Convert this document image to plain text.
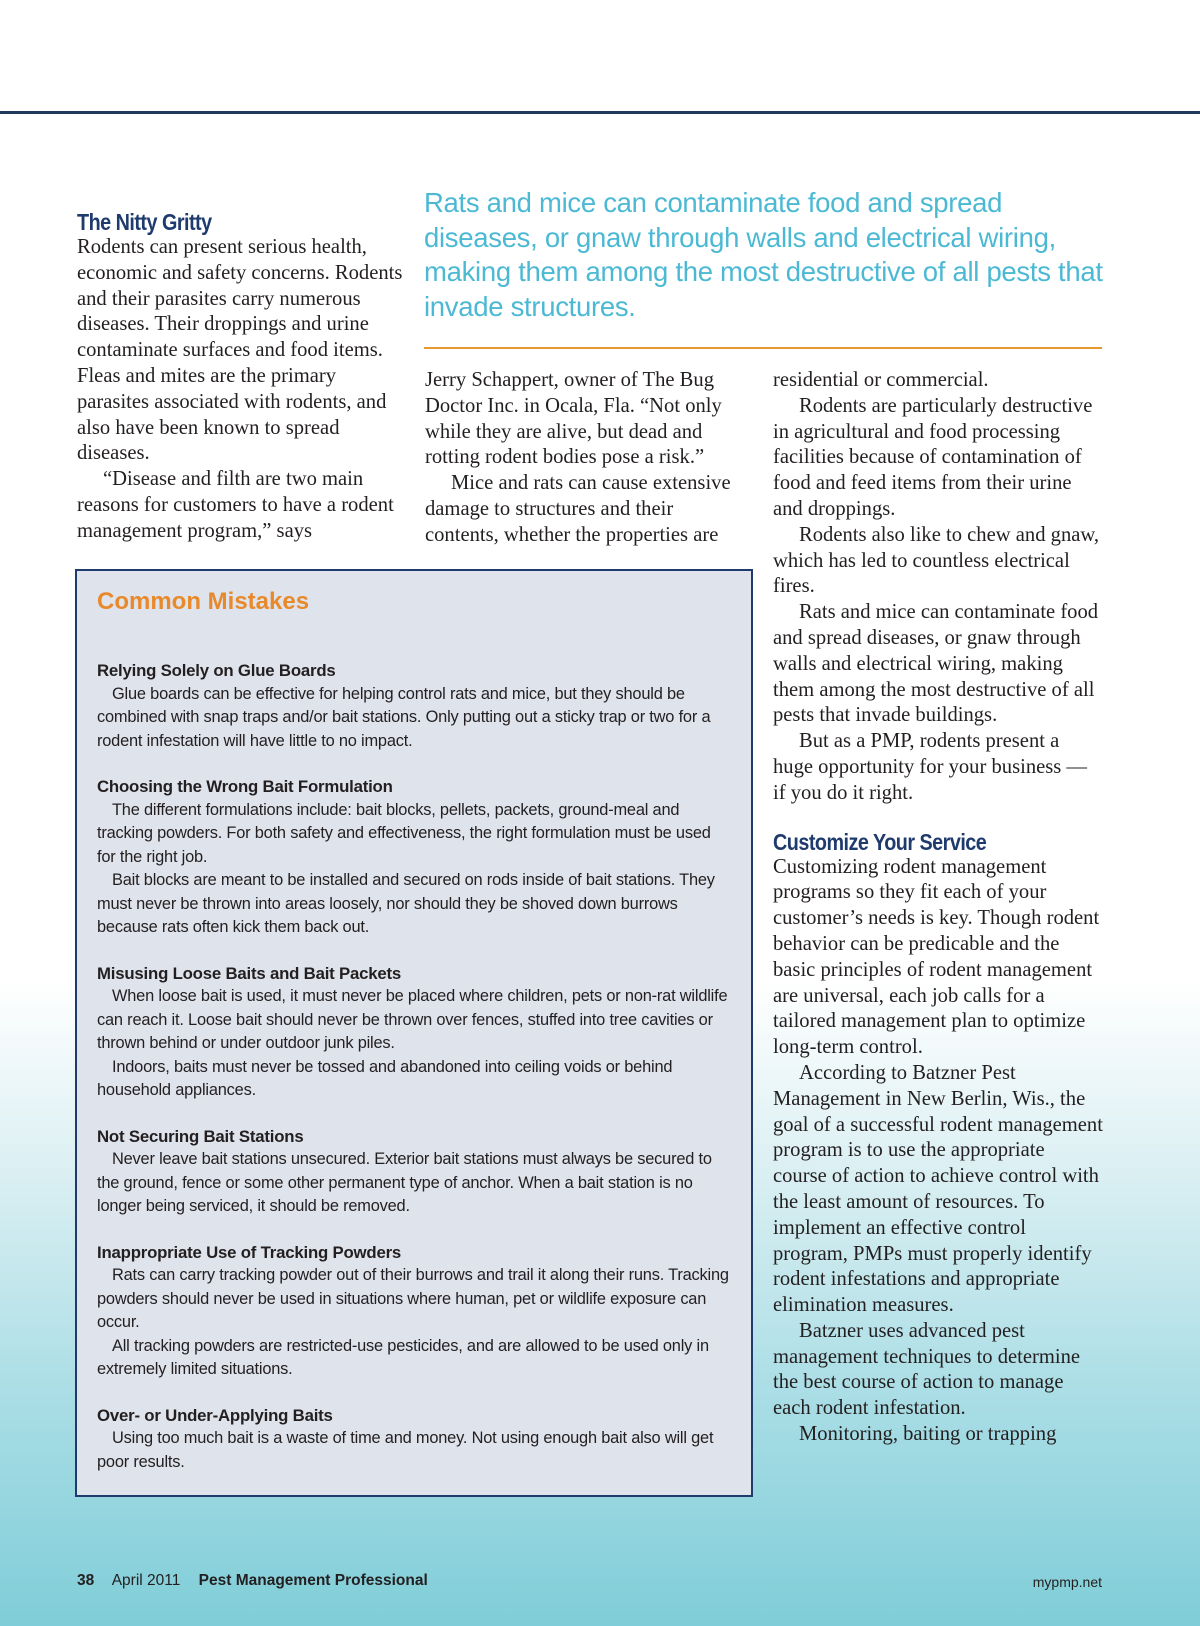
The Nitty Gritty

Rodents can present serious health, economic and safety concerns. Rodents and their parasites carry numerous diseases. Their droppings and urine contaminate surfaces and food items. Fleas and mites are the primary parasites associated with rodents, and also have been known to spread diseases.

“Disease and filth are two main reasons for customers to have a rodent management program,” says

Rats and mice can contaminate food and spread diseases, or gnaw through walls and electrical wiring, making them among the most destructive of all pests that invade structures.

Jerry Schappert, owner of The Bug Doctor Inc. in Ocala, Fla. “Not only while they are alive, but dead and rotting rodent bodies pose a risk.”

Mice and rats can cause extensive damage to structures and their contents, whether the properties are

residential or commercial.

Rodents are particularly destructive in agricultural and food processing facilities because of contamination of food and feed items from their urine and droppings.

Rodents also like to chew and gnaw, which has led to countless electrical fires.

Rats and mice can contaminate food and spread diseases, or gnaw through walls and electrical wiring, making them among the most destructive of all pests that invade buildings.

But as a PMP, rodents present a huge opportunity for your business — if you do it right.

Customize Your Service

Customizing rodent management programs so they fit each of your customer’s needs is key. Though rodent behavior can be predicable and the basic principles of rodent management are universal, each job calls for a tailored management plan to optimize long-term control.

According to Batzner Pest Management in New Berlin, Wis., the goal of a successful rodent management program is to use the appropriate course of action to achieve control with the least amount of resources. To implement an effective control program, PMPs must properly identify rodent infestations and appropriate elimination measures.

Batzner uses advanced pest management techniques to determine the best course of action to manage each rodent infestation.

Monitoring, baiting or trapping

Common Mistakes
Relying Solely on Glue Boards

Glue boards can be effective for helping control rats and mice, but they should be combined with snap traps and/or bait stations. Only putting out a sticky trap or two for a rodent infestation will have little to no impact.

Choosing the Wrong Bait Formulation

The different formulations include: bait blocks, pellets, packets, ground-meal and tracking powders. For both safety and effectiveness, the right formulation must be used for the right job.

Bait blocks are meant to be installed and secured on rods inside of bait stations. They must never be thrown into areas loosely, nor should they be shoved down burrows because rats often kick them back out.

Misusing Loose Baits and Bait Packets

When loose bait is used, it must never be placed where children, pets or non-rat wildlife can reach it. Loose bait should never be thrown over fences, stuffed into tree cavities or thrown behind or under outdoor junk piles.

Indoors, baits must never be tossed and abandoned into ceiling voids or behind household appliances.

Not Securing Bait Stations

Never leave bait stations unsecured. Exterior bait stations must always be secured to the ground, fence or some other permanent type of anchor. When a bait station is no longer being serviced, it should be removed.

Inappropriate Use of Tracking Powders

Rats can carry tracking powder out of their burrows and trail it along their runs. Tracking powders should never be used in situations where human, pet or wildlife exposure can occur.

All tracking powders are restricted-use pesticides, and are allowed to be used only in extremely limited situations.

Over- or Under-Applying Baits

Using too much bait is a waste of time and money. Not using enough bait also will get poor results.

38 April 2011 Pest Management Professional	mypmp.net
